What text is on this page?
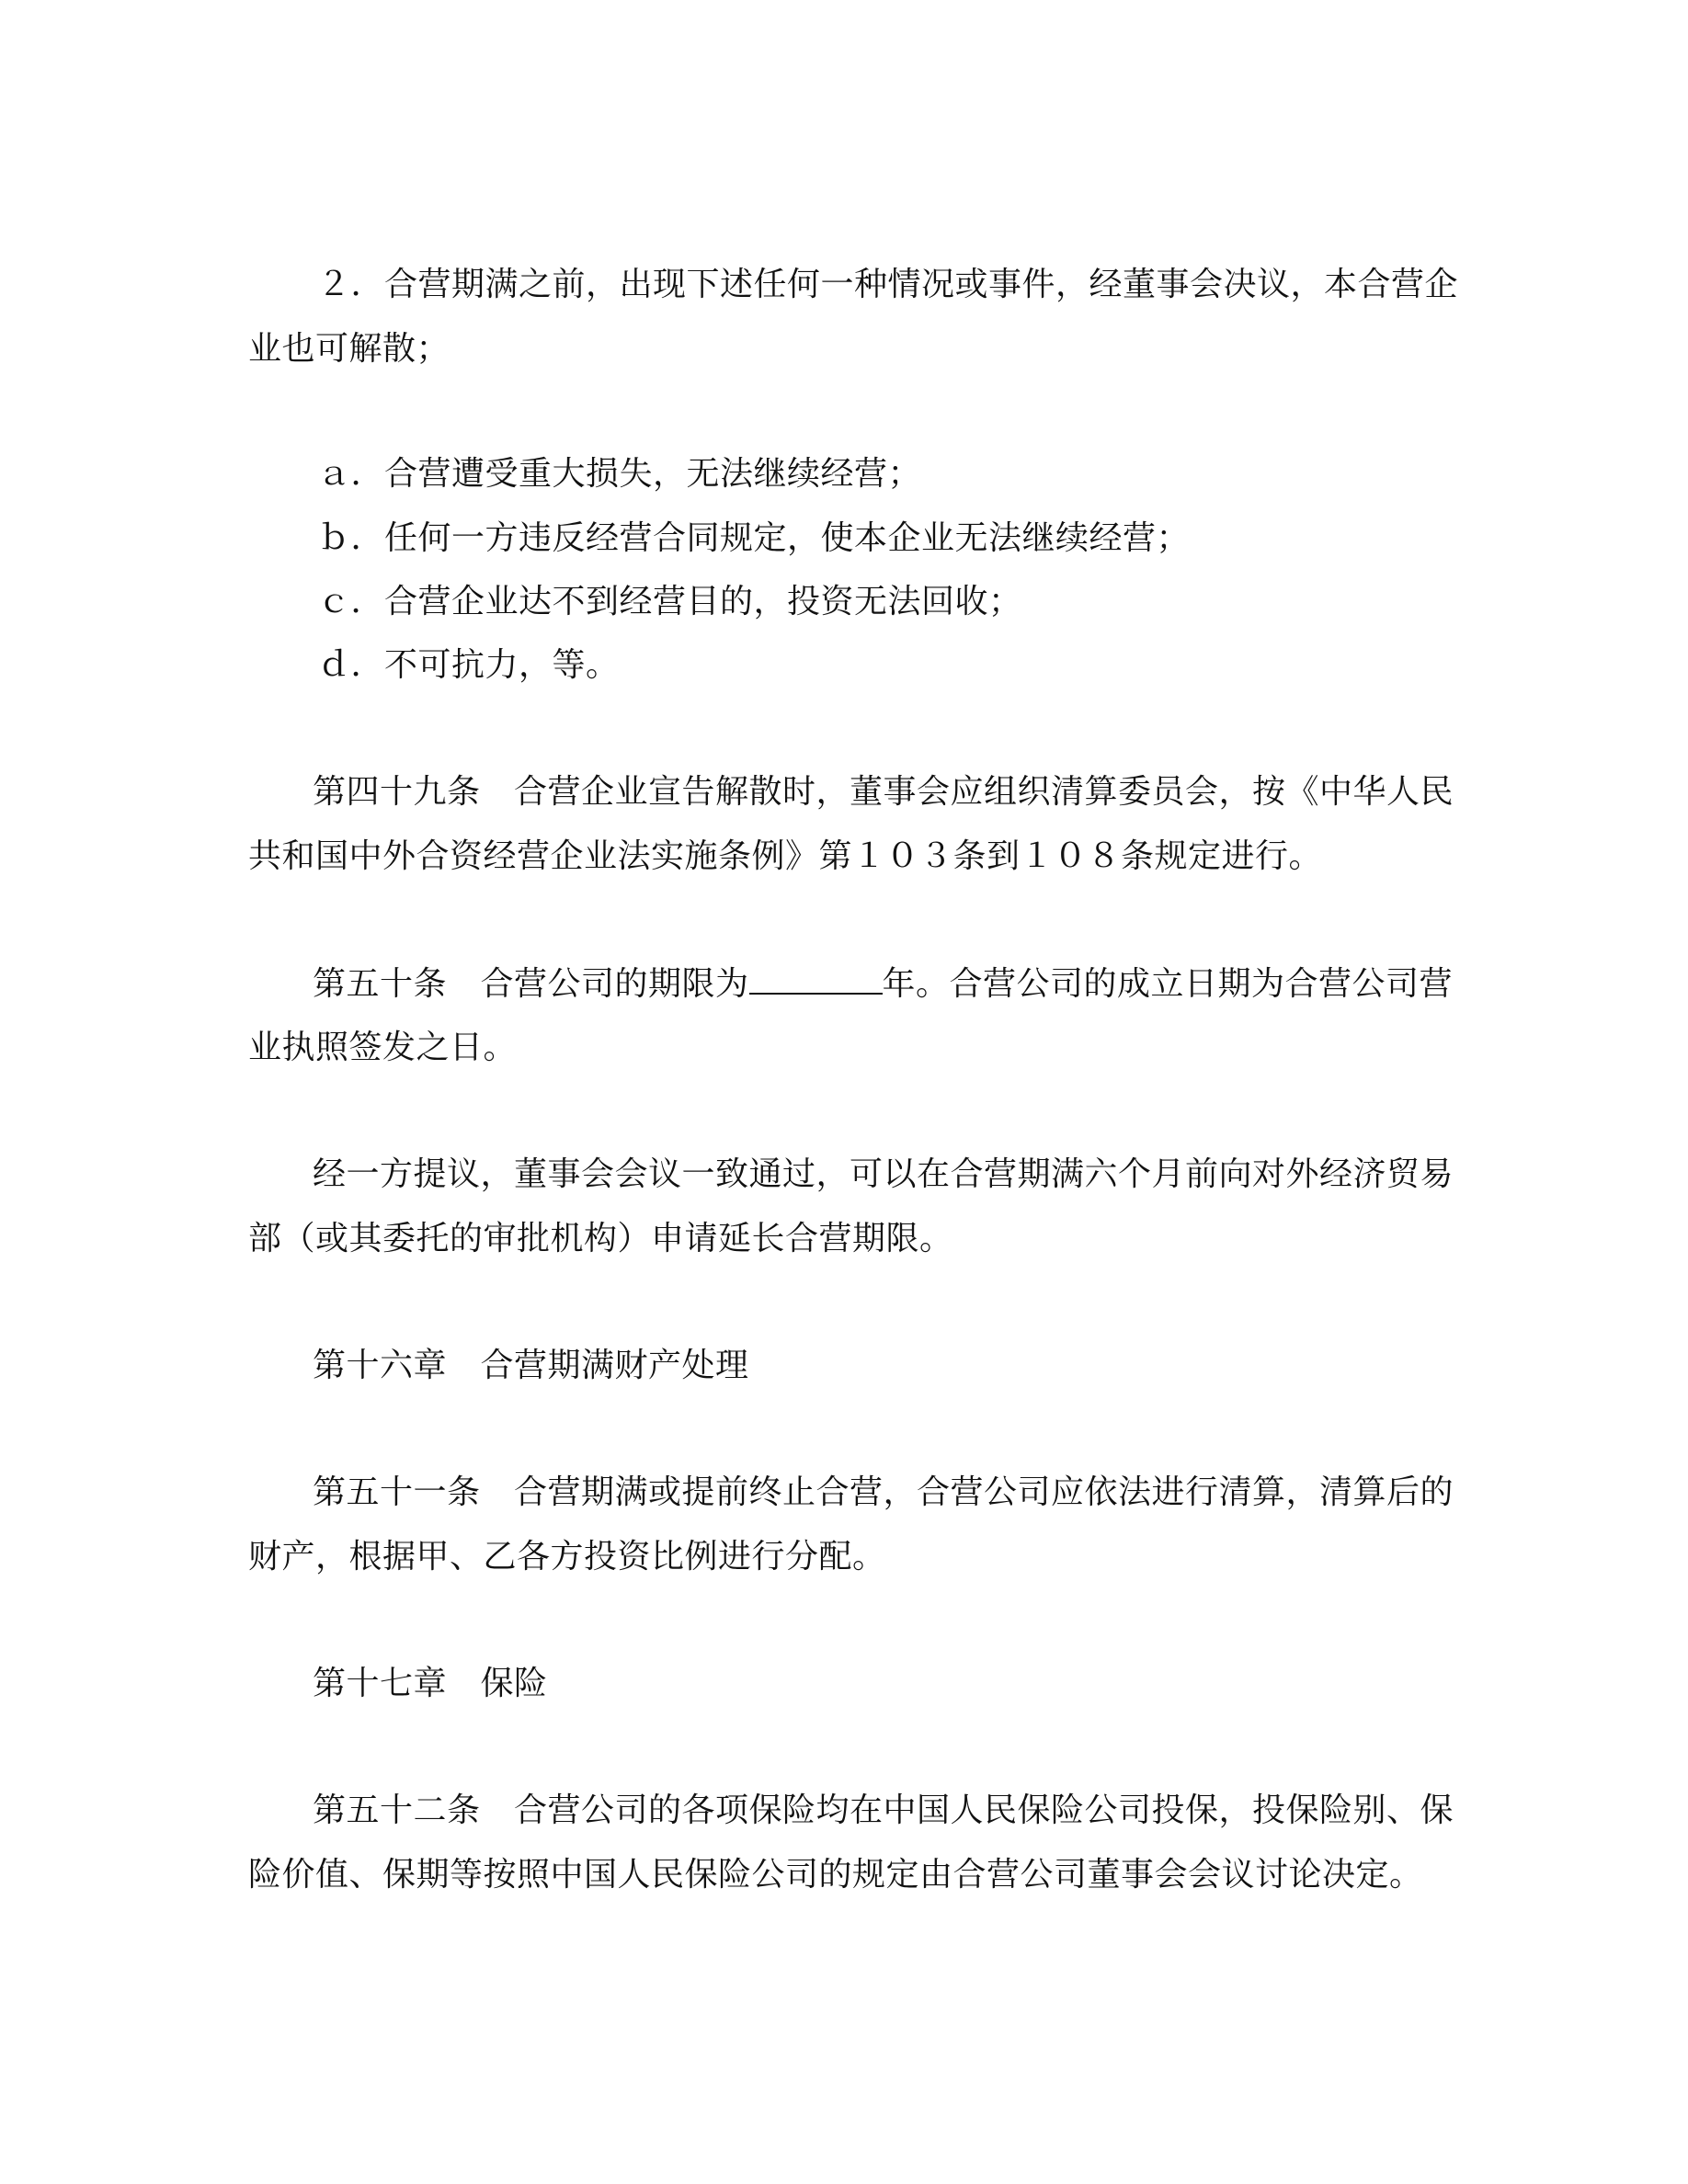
２．合营期满之前，出现下述任何一种情况或事件，经董事会决议，本合营企
业也可解散；
ａ．合营遭受重大损失，无法继续经营；
ｂ．任何一方违反经营合同规定，使本企业无法继续经营；
ｃ．合营企业达不到经营目的，投资无法回收；
ｄ．不可抗力，等。
第四十九条　合营企业宣告解散时，董事会应组织清算委员会，按《中华人民
共和国中外合资经营企业法实施条例》第１０３条到１０８条规定进行。
第五十条　合营公司的期限为	年。合营公司的成立日期为合营公司营
业执照签发之日。
经一方提议，董事会会议一致通过，可以在合营期满六个月前向对外经济贸易
部（或其委托的审批机构）申请延长合营期限。
第十六章　合营期满财产处理
第五十一条　合营期满或提前终止合营，合营公司应依法进行清算，清算后的
财产，根据甲、乙各方投资比例进行分配。
第十七章　保险
第五十二条　合营公司的各项保险均在中国人民保险公司投保，投保险别、保
险价值、保期等按照中国人民保险公司的规定由合营公司董事会会议讨论决定。
